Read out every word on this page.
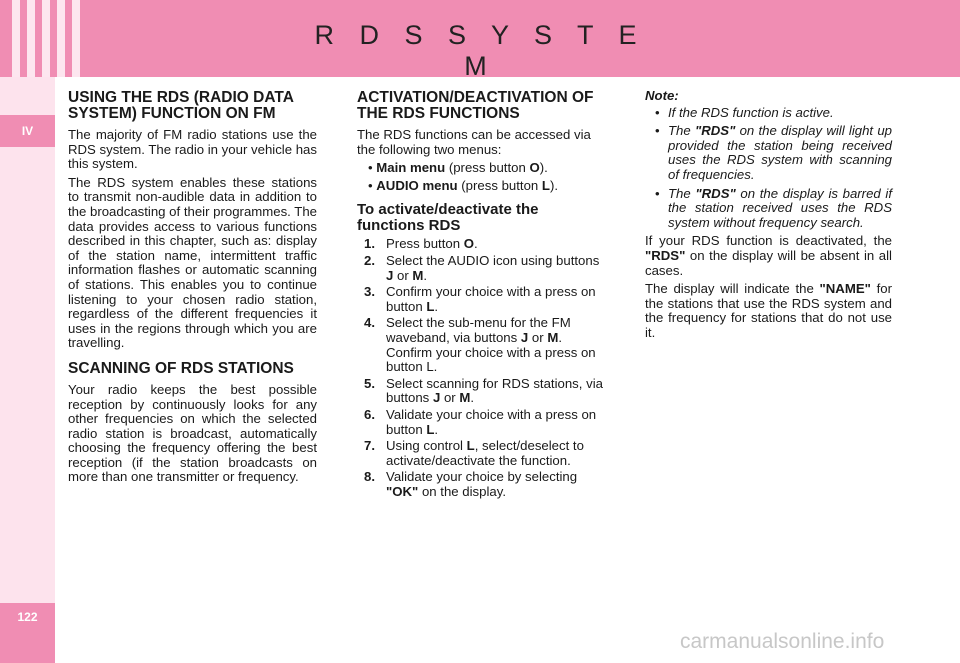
R D S S Y S T E M
IV
122
USING THE RDS (RADIO DATA SYSTEM) FUNCTION ON FM

The majority of FM radio stations use the RDS system. The radio in your vehicle has this system.

The RDS system enables these stations to transmit non-audible data in addition to the broadcasting of their programmes. The data provides access to various functions described in this chapter, such as: display of the station name, intermittent traffic information flashes or automatic scanning of stations. This enables you to continue listening to your chosen radio station, regardless of the different frequencies it uses in the regions through which you are travelling.

SCANNING OF RDS STATIONS

Your radio keeps the best possible reception by continuously looks for any other frequencies on which the selected radio station is broadcast, automatically choosing the frequency offering the best reception (if the station broadcasts on more than one transmitter or frequency.

ACTIVATION/DEACTIVATION OF THE RDS FUNCTIONS

The RDS functions can be accessed via the following two menus:

• Main menu (press button O).

• AUDIO menu (press button L).

To activate/deactivate the functions RDS
1. Press button O.
2. Select the AUDIO icon using buttons J or M.
3. Confirm your choice with a press on button L.
4. Select the sub-menu for the FM waveband, via buttons J or M. Confirm your choice with a press on button L.
5. Select scanning for RDS stations, via buttons J or M.
6. Validate your choice with a press on button L.
7. Using control L, select/deselect to activate/deactivate the function.
8. Validate your choice by selecting "OK" on the display.

Note:

• If the RDS function is active.
• The "RDS" on the display will light up provided the station being received uses the RDS system with scanning of frequencies.
• The "RDS" on the display is barred if the station received uses the RDS system without frequency search.

If your RDS function is deactivated, the "RDS" on the display will be absent in all cases.

The display will indicate the "NAME" for the stations that use the RDS system and the frequency for stations that do not use it.

carmanualsonline.info
